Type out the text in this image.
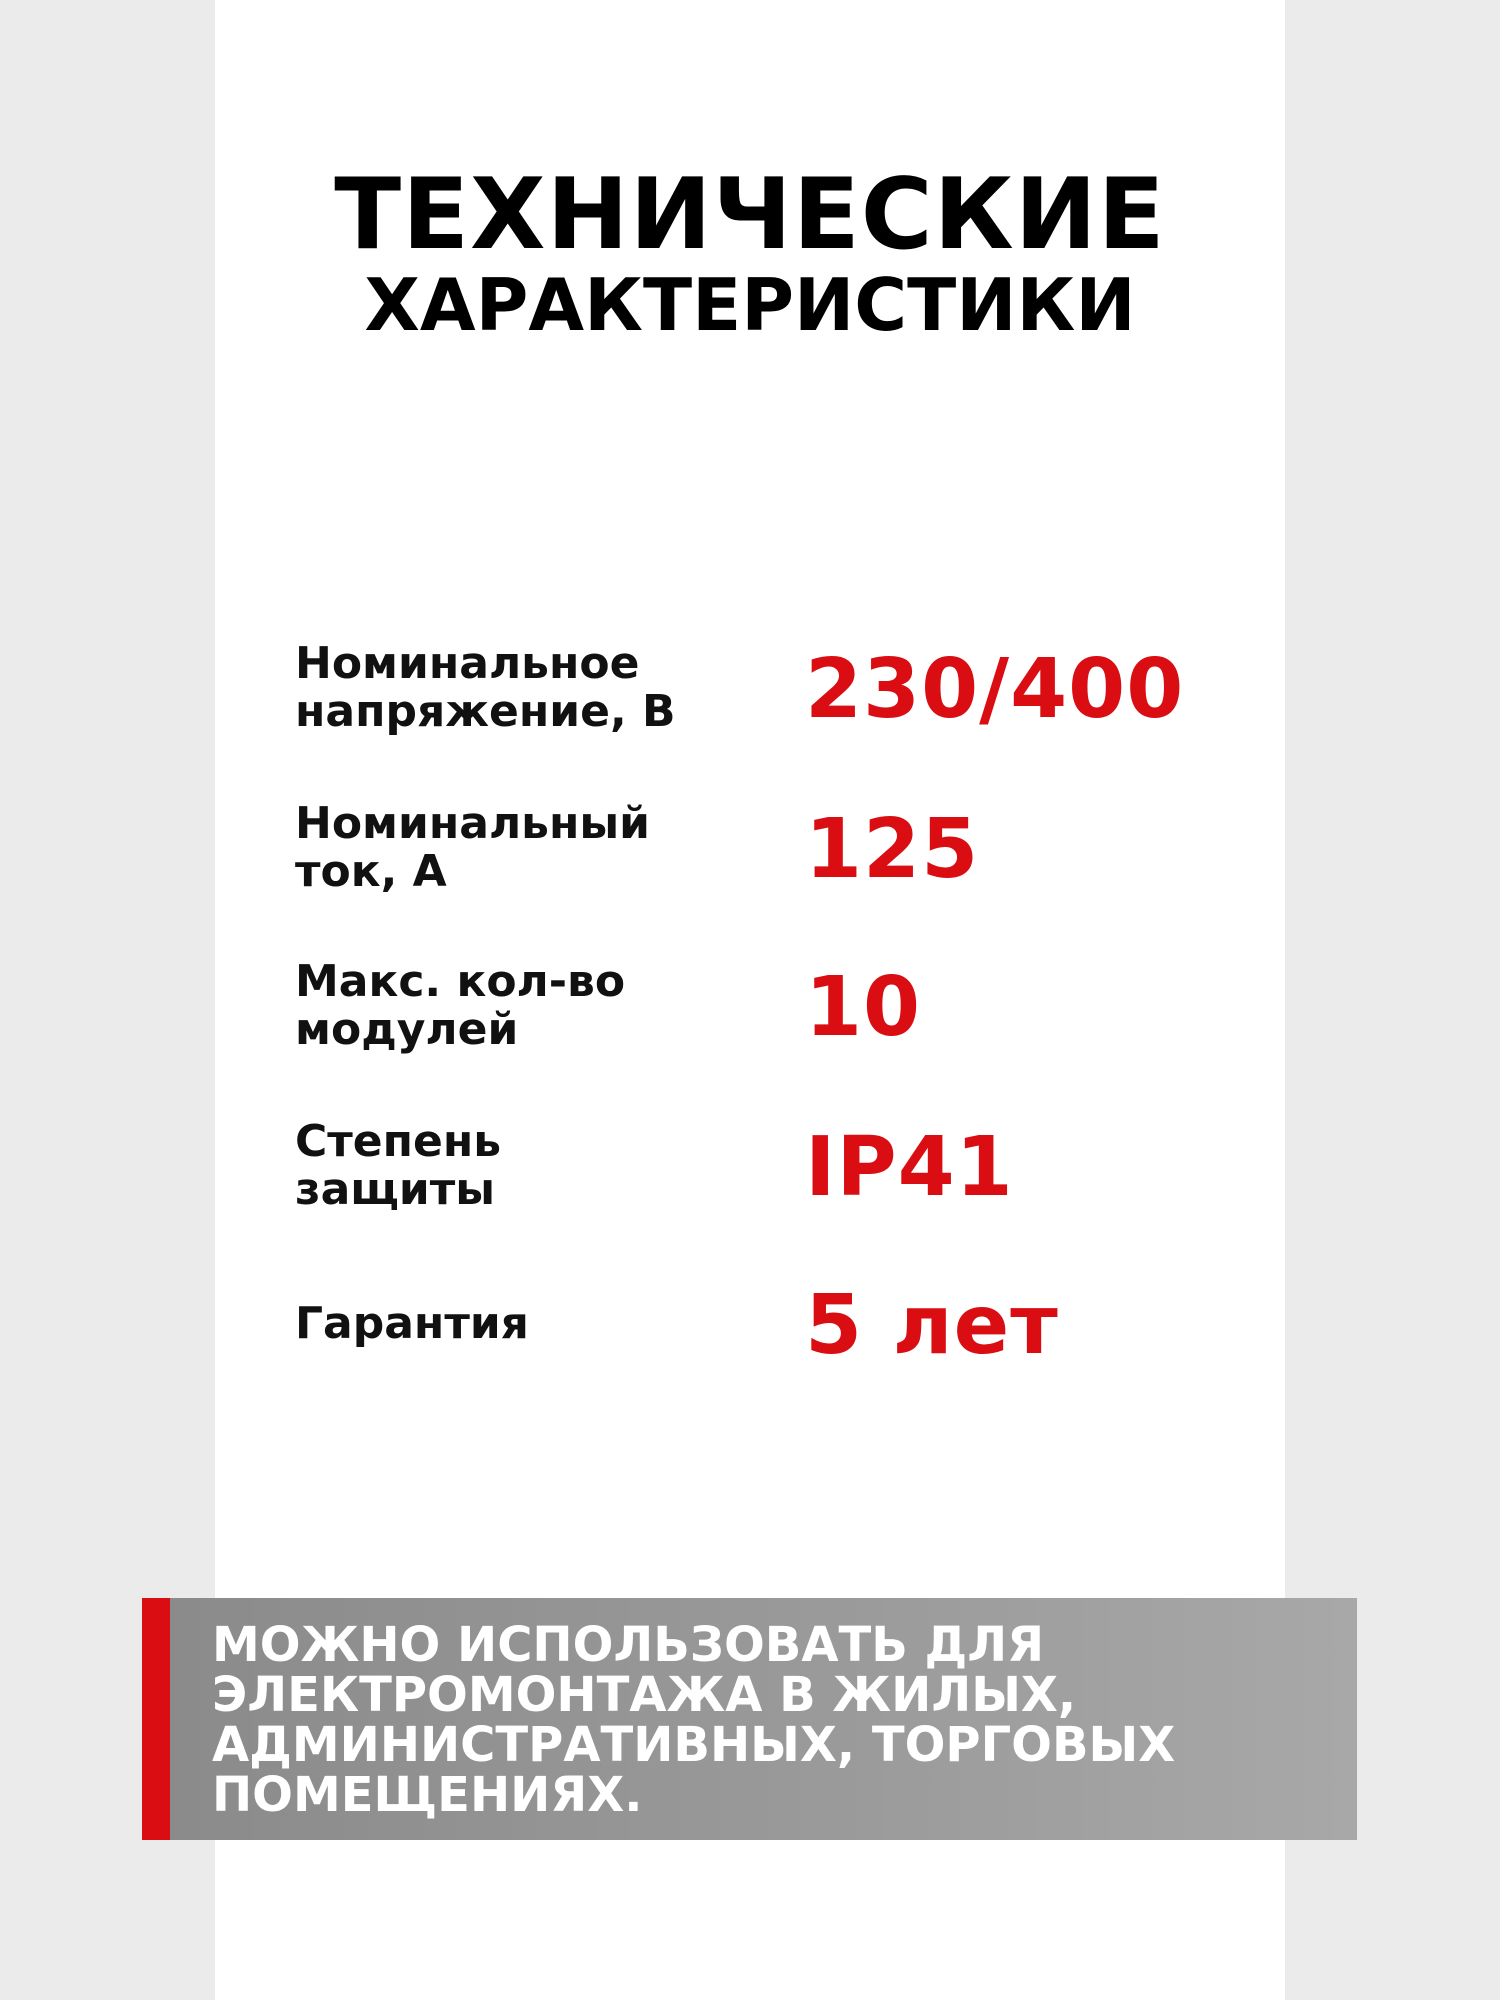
ТЕХНИЧЕСКИЕ
ХАРАКТЕРИСТИКИ
Номинальное
напряжение, В	230/400
Номинальный
ток, А	125
Макс. кол-во
модулей	10
Степень
защиты	IP41
Гарантия	5 лет

МОЖНО ИСПОЛЬЗОВАТЬ ДЛЯ ЭЛЕКТРОМОНТАЖА В ЖИЛЫХ, АДМИНИСТРАТИВНЫХ, ТОРГОВЫХ ПОМЕЩЕНИЯХ.
